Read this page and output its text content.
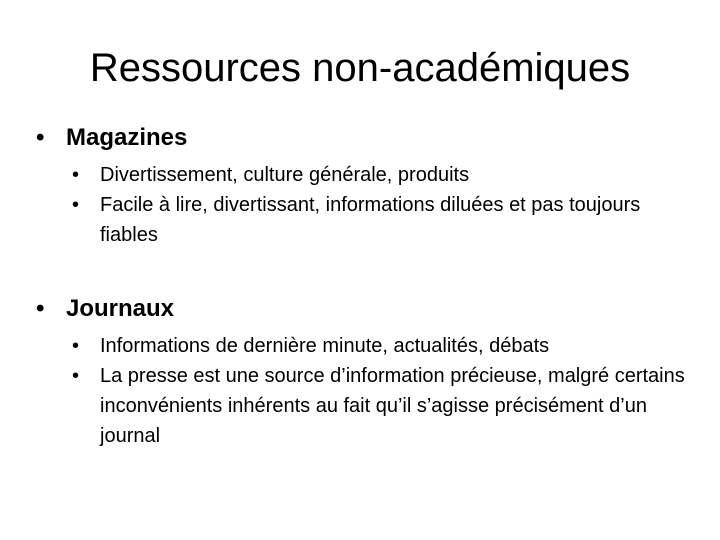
Ressources non-académiques
• Magazines
•	Divertissement, culture générale, produits
•	Facile à lire, divertissant, informations diluées et pas toujours fiables
• Journaux
•	Informations de dernière minute, actualités, débats
•	La presse est une source d’information précieuse, malgré certains inconvénients inhérents au fait qu’il s’agisse précisément d’un journal
